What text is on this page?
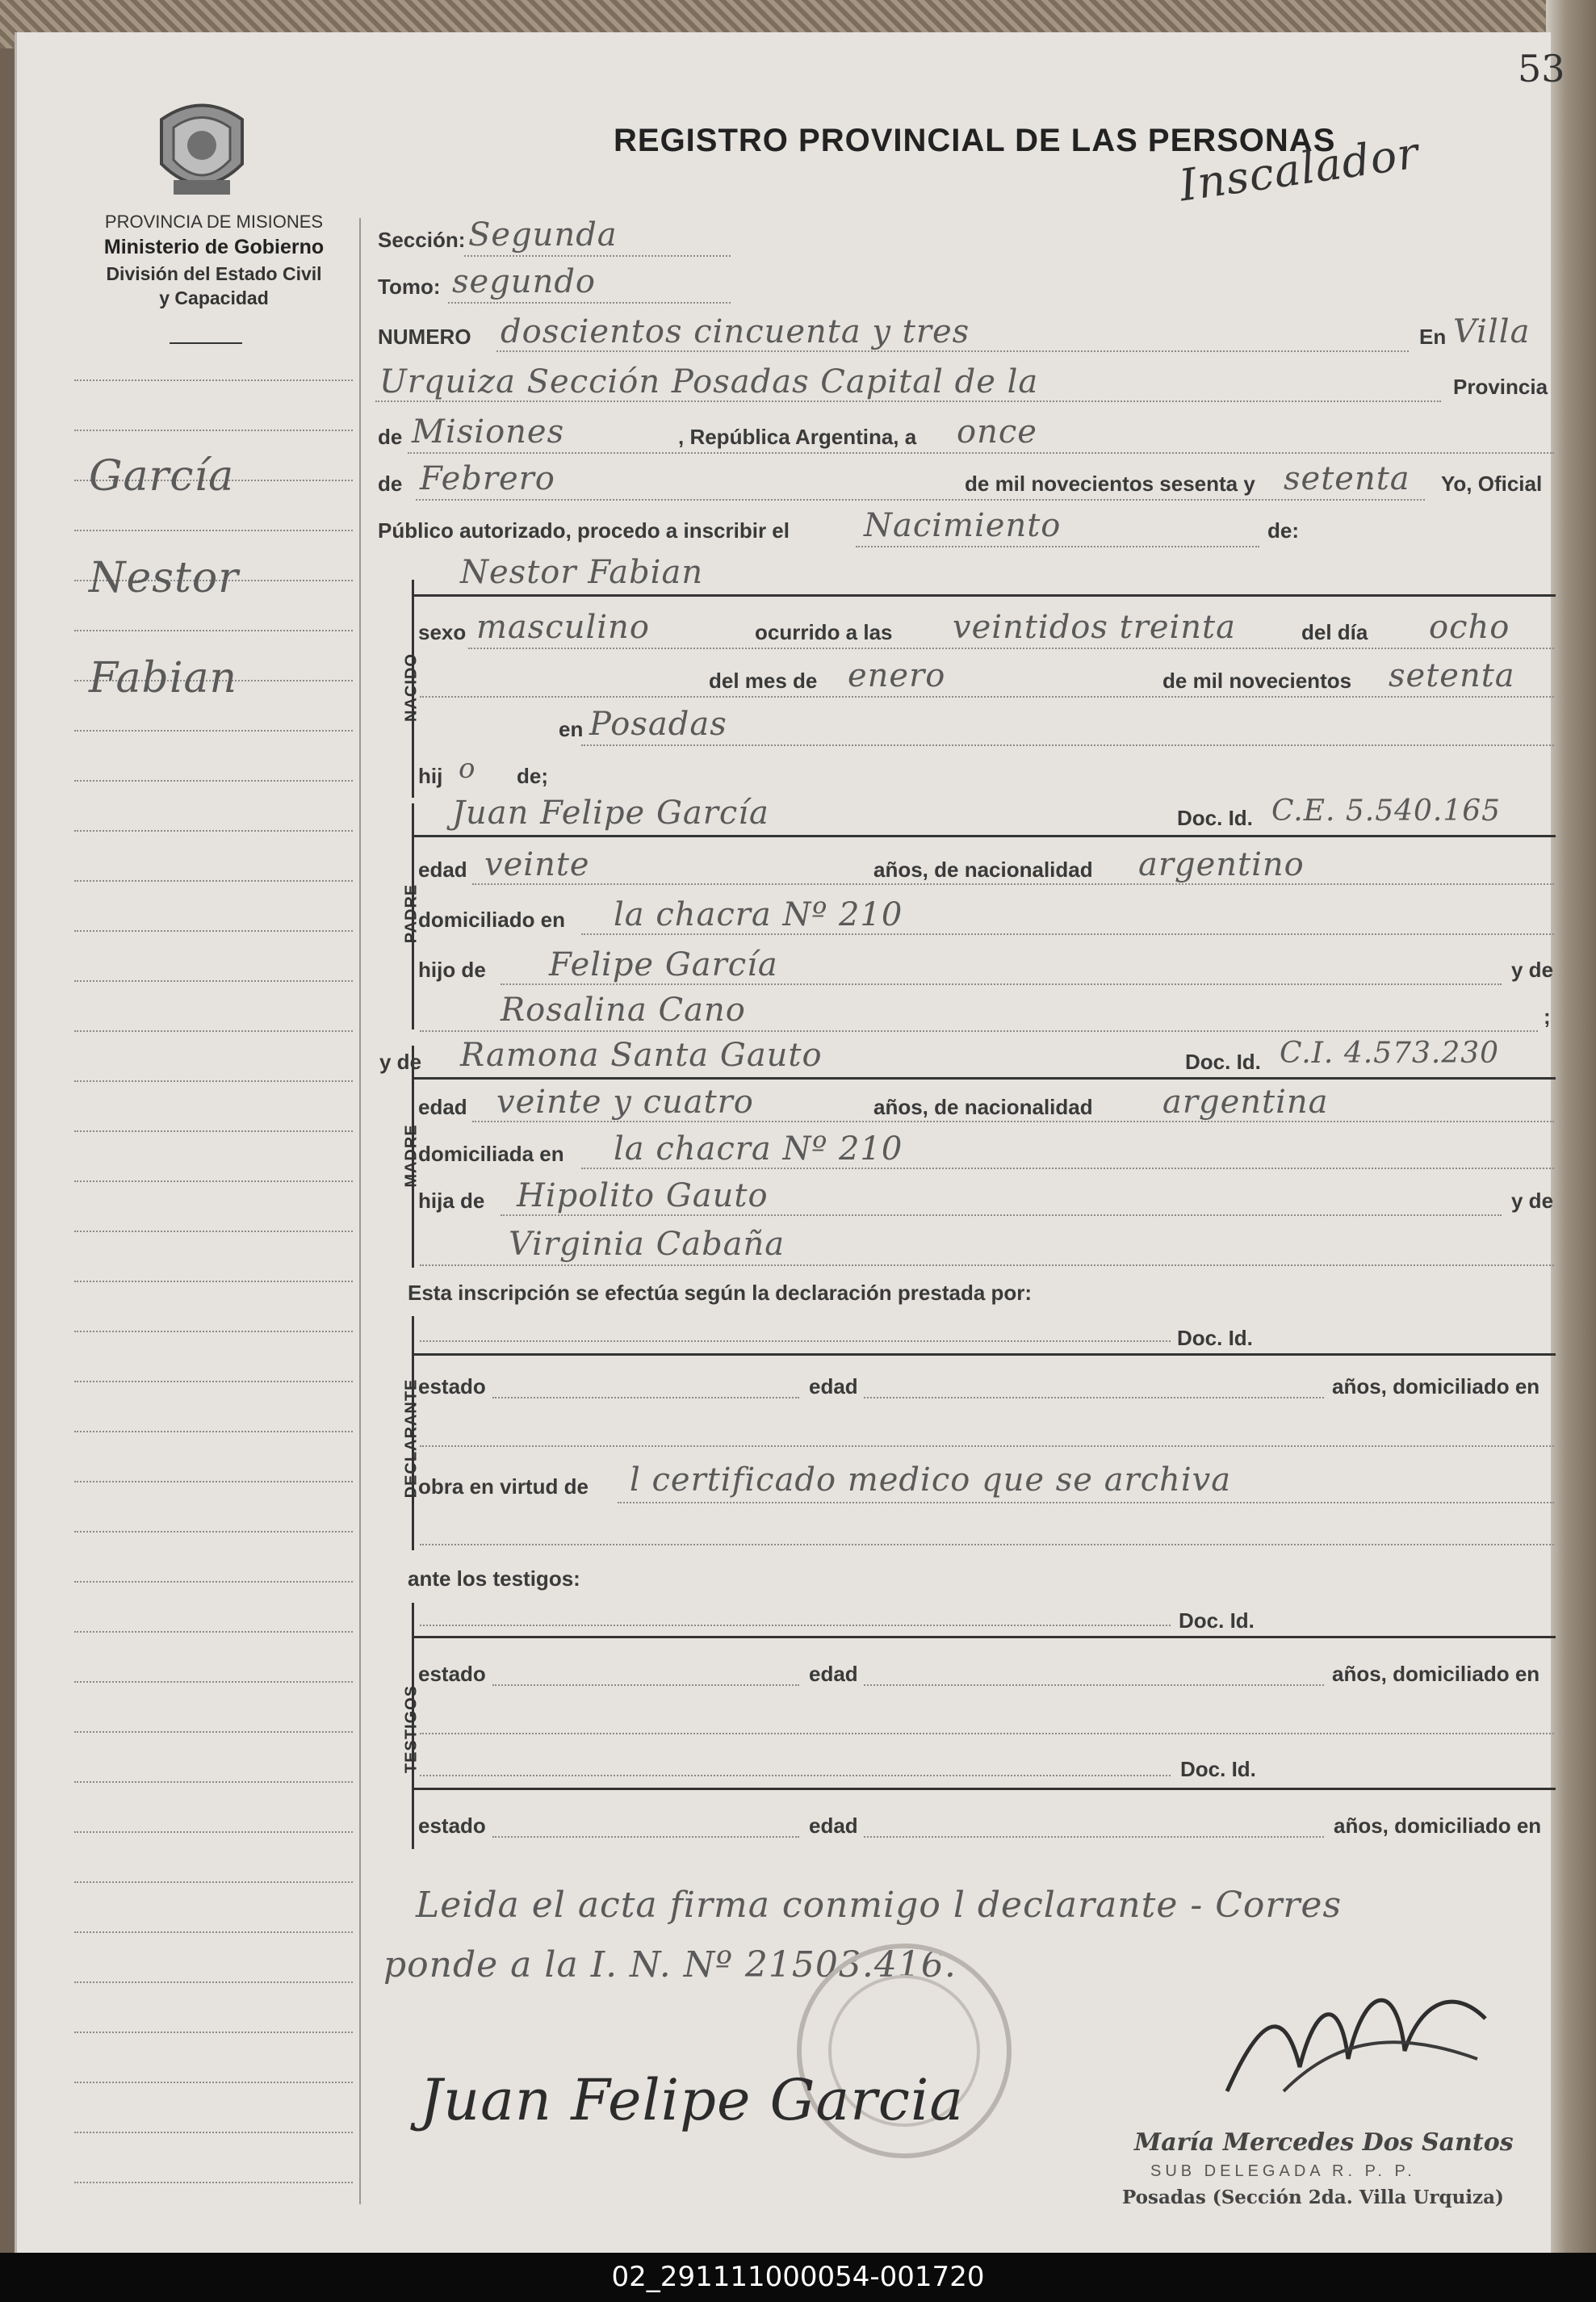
53
REGISTRO PROVINCIAL DE LAS PERSONAS
Inscalador
PROVINCIA DE MISIONES
Ministerio de Gobierno
División del Estado Civil
y Capacidad
García
Nestor
Fabian
Sección: Segunda
Tomo: segundo
NUMERO doscientos cincuenta y tres	En Villa
Urquiza Sección Posadas Capital de la	Provincia
de Misiones	, República Argentina, a once
de Febrero	de mil novecientos sesenta y setenta Yo, Oficial
Público autorizado, procedo a inscribir el Nacimiento	de:
NACIDO
Nestor Fabian
sexo masculino	ocurrido a las veintidos treinta	del día ocho
del mes de enero	de mil novecientos setenta
en Posadas
hij o de;
PADRE
Juan Felipe García	Doc. Id. C.E. 5.540.165
edad veinte	años, de nacionalidad argentino
domiciliado en la chacra Nº 210
hijo de Felipe García	y de
Rosalina Cano	;
MADRE
y de Ramona Santa Gauto	Doc. Id. C.I. 4.573.230
edad veinte y cuatro	años, de nacionalidad argentina
domiciliada en la chacra Nº 210
hija de Hipolito Gauto	y de
Virginia Cabaña
Esta inscripción se efectúa según la declaración prestada por:
DECLARANTE
Doc. Id.
estado	edad	años, domiciliado en
obra en virtud de l certificado medico que se archiva
ante los testigos:
TESTIGOS
Doc. Id.
estado	edad	años, domiciliado en
Doc. Id.
estado	edad	años, domiciliado en
Leida el acta firma conmigo l declarante - Corres
ponde a la I. N. Nº 21503.416.
Juan Felipe Garcia
María Mercedes Dos Santos
SUB DELEGADA R. P. P.
Posadas (Sección 2da. Villa Urquiza)
02_291111000054-001720
